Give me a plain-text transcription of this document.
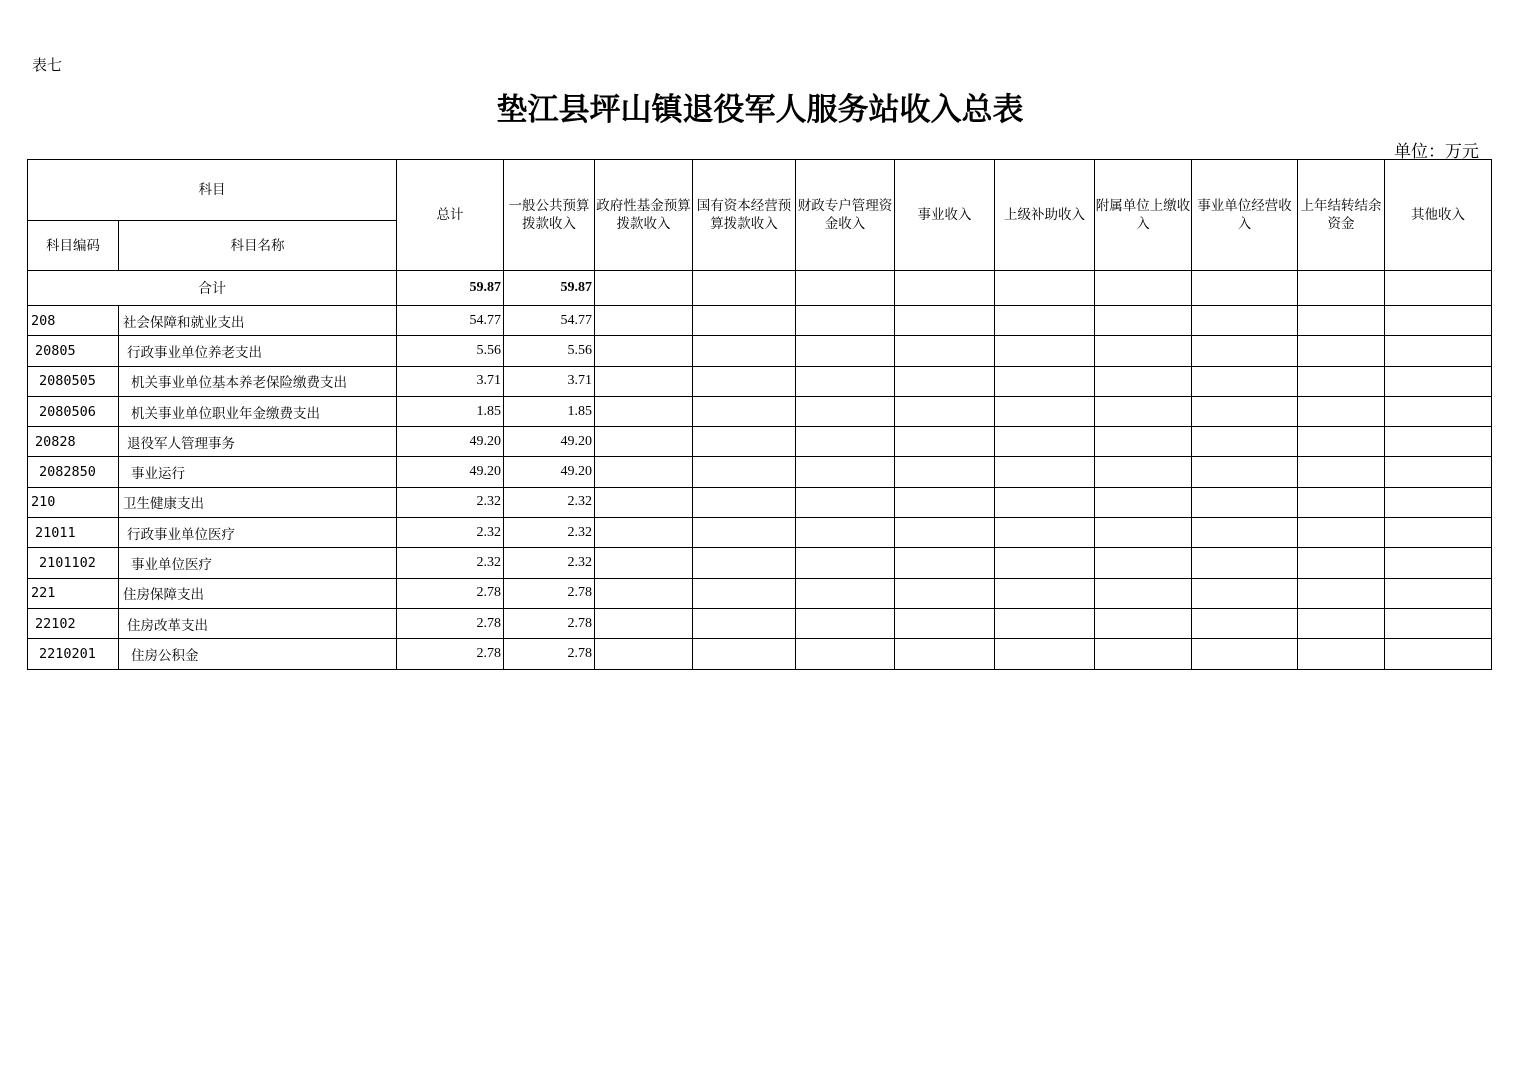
表七
垫江县坪山镇退役军人服务站收入总表
单位：万元
科目		总计	一般公共预算拨款收入	政府性基金预算拨款收入	国有资本经营预算拨款收入	财政专户管理资金收入	事业收入	上级补助收入	附属单位上缴收入	事业单位经营收入	上年结转结余资金	其他收入
科目编码	科目名称											
合计		59.87	59.87									
208	社会保障和就业支出	54.77	54.77									
20805	行政事业单位养老支出	5.56	5.56									
2080505	机关事业单位基本养老保险缴费支出	3.71	3.71									
2080506	机关事业单位职业年金缴费支出	1.85	1.85									
20828	退役军人管理事务	49.20	49.20									
2082850	事业运行	49.20	49.20									
210	卫生健康支出	2.32	2.32									
21011	行政事业单位医疗	2.32	2.32									
2101102	事业单位医疗	2.32	2.32									
221	住房保障支出	2.78	2.78									
22102	住房改革支出	2.78	2.78									
2210201	住房公积金	2.78	2.78									
